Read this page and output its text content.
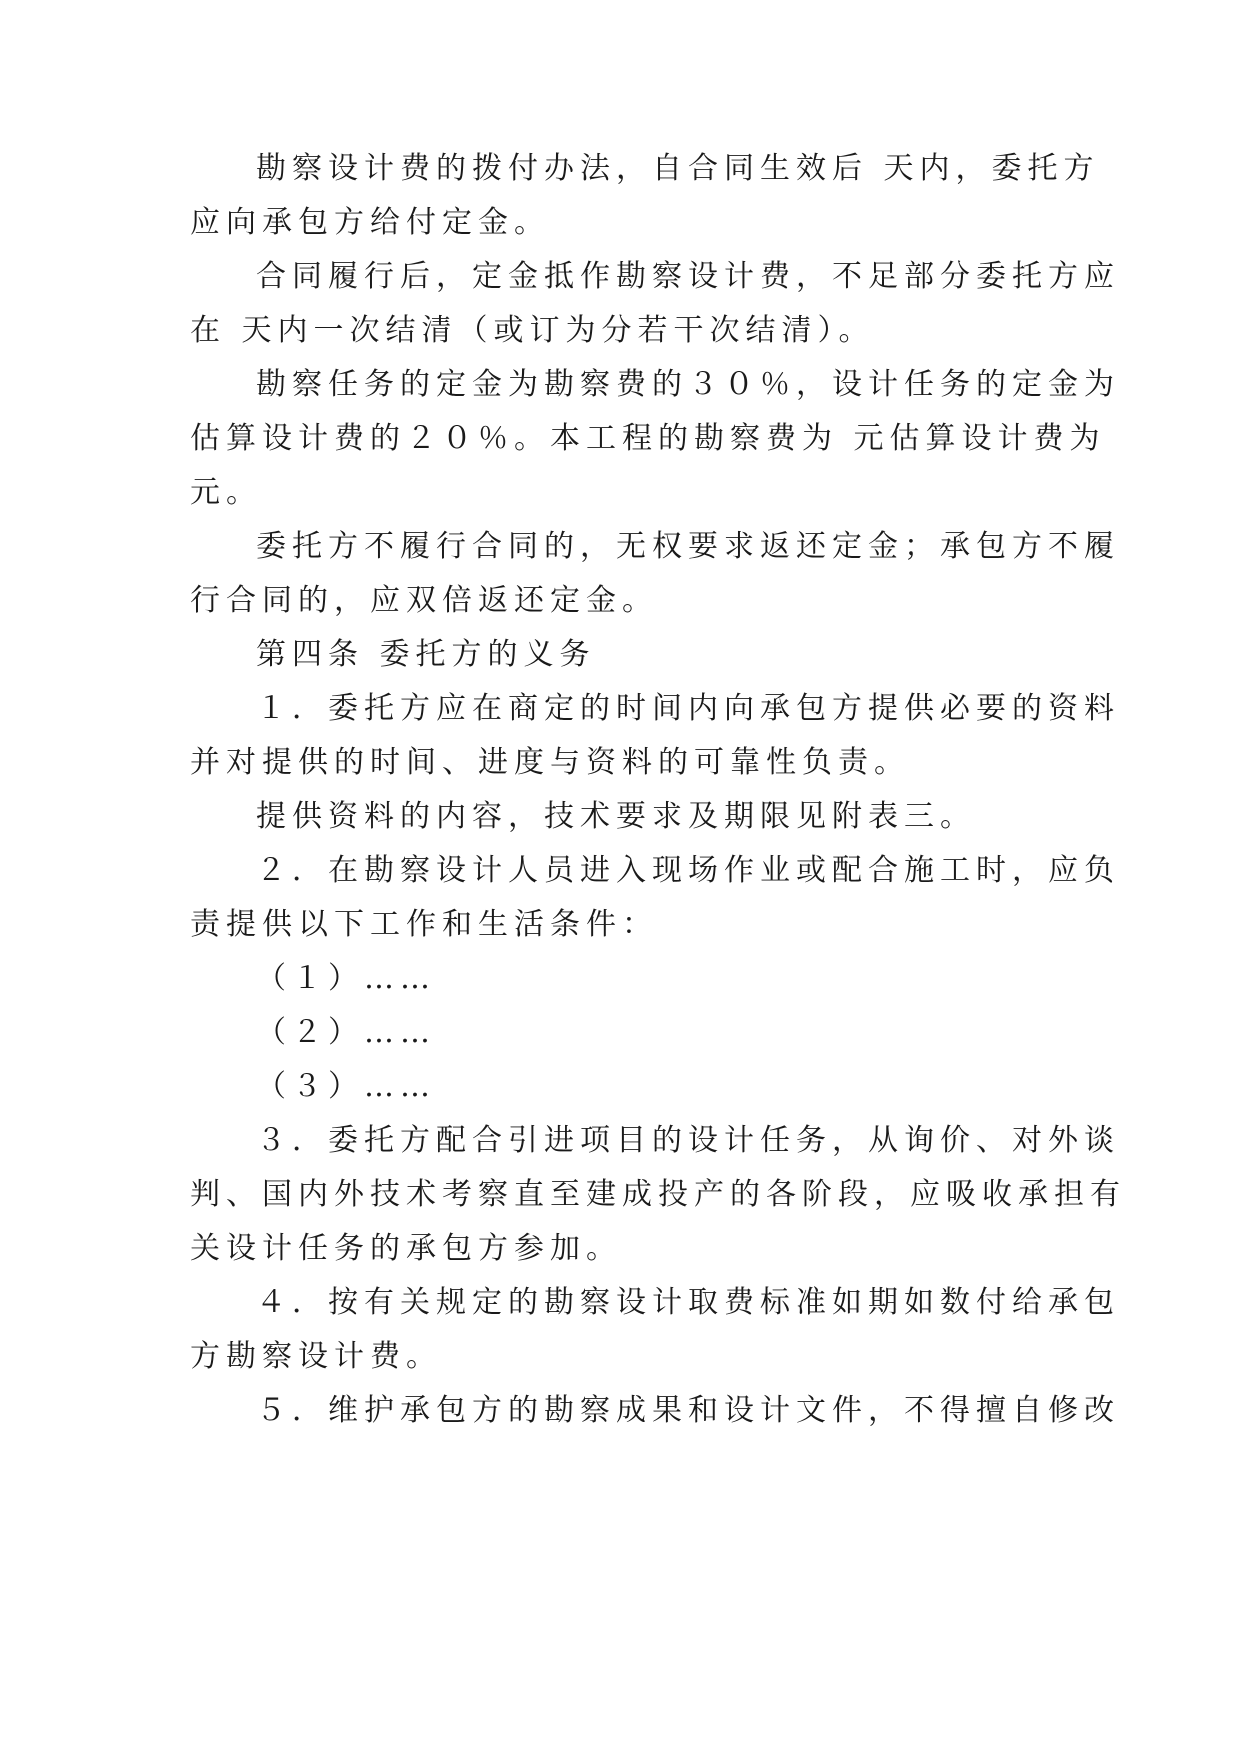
勘察设计费的拨付办法，自合同生效后 天内，委托方
应向承包方给付定金。
合同履行后，定金抵作勘察设计费，不足部分委托方应
在 天内一次结清（或订为分若干次结清）。
勘察任务的定金为勘察费的３０％，设计任务的定金为
估算设计费的２０％。本工程的勘察费为 元估算设计费为
元。
委托方不履行合同的，无权要求返还定金；承包方不履
行合同的，应双倍返还定金。
第四条 委托方的义务
１．委托方应在商定的时间内向承包方提供必要的资料
并对提供的时间、进度与资料的可靠性负责。
提供资料的内容，技术要求及期限见附表三。
２．在勘察设计人员进入现场作业或配合施工时，应负
责提供以下工作和生活条件：
（１）……
（２）……
（３）……
３．委托方配合引进项目的设计任务，从询价、对外谈
判、国内外技术考察直至建成投产的各阶段，应吸收承担有
关设计任务的承包方参加。
４．按有关规定的勘察设计取费标准如期如数付给承包
方勘察设计费。
５．维护承包方的勘察成果和设计文件，不得擅自修改
